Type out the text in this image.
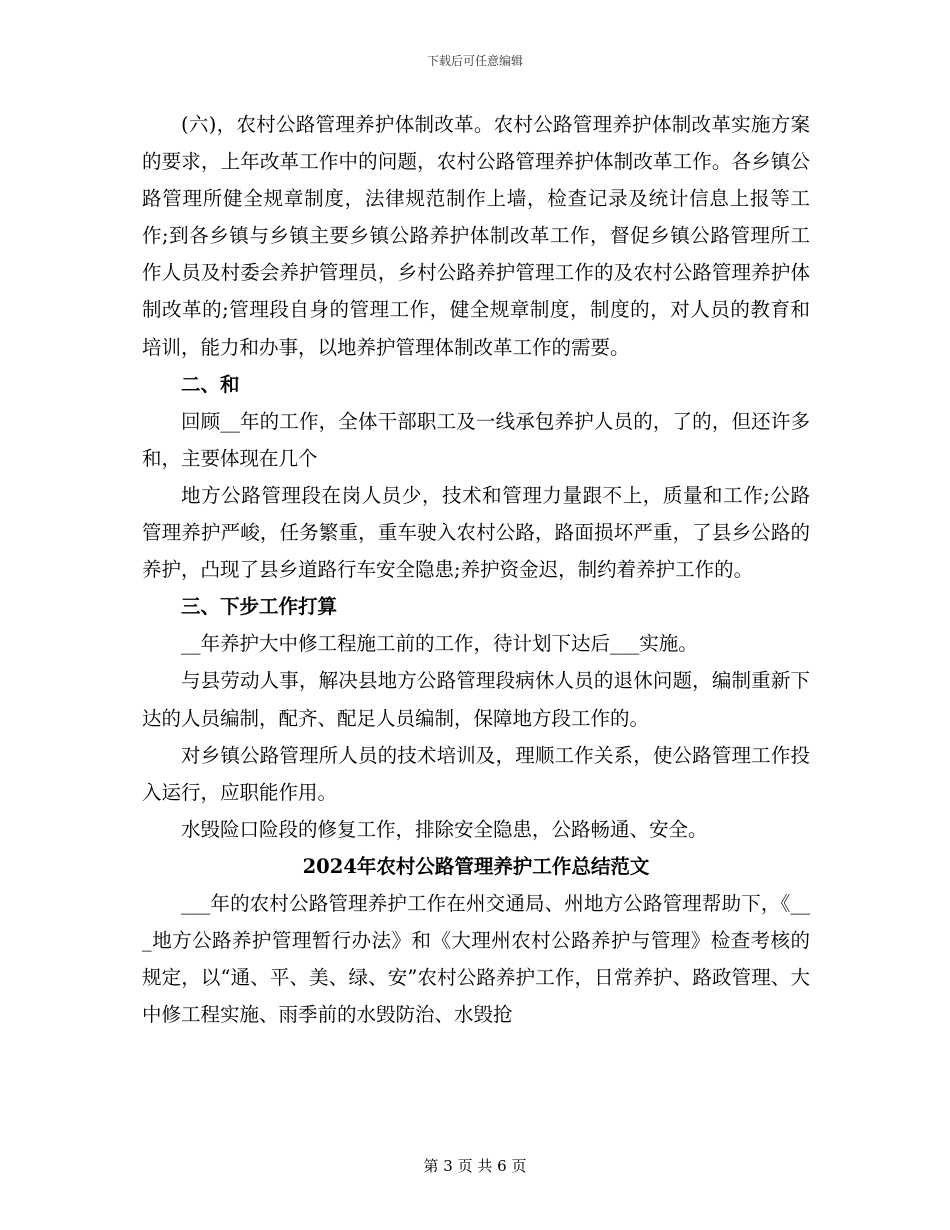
下载后可任意编辑

(六)，农村公路管理养护体制改革。农村公路管理养护体制改革实施方案的要求，上年改革工作中的问题，农村公路管理养护体制改革工作。各乡镇公路管理所健全规章制度，法律规范制作上墙，检查记录及统计信息上报等工作;到各乡镇与乡镇主要乡镇公路养护体制改革工作，督促乡镇公路管理所工作人员及村委会养护管理员，乡村公路养护管理工作的及农村公路管理养护体制改革的;管理段自身的管理工作，健全规章制度，制度的，对人员的教育和培训，能力和办事，以地养护管理体制改革工作的需要。

二、和

回顾__年的工作，全体干部职工及一线承包养护人员的，了的，但还许多和，主要体现在几个

地方公路管理段在岗人员少，技术和管理力量跟不上，质量和工作;公路管理养护严峻，任务繁重，重车驶入农村公路，路面损坏严重，了县乡公路的养护，凸现了县乡道路行车安全隐患;养护资金迟，制约着养护工作的。

三、下步工作打算

__年养护大中修工程施工前的工作，待计划下达后___实施。

与县劳动人事，解决县地方公路管理段病休人员的退休问题，编制重新下达的人员编制，配齐、配足人员编制，保障地方段工作的。

对乡镇公路管理所人员的技术培训及，理顺工作关系，使公路管理工作投入运行，应职能作用。

水毁险口险段的修复工作，排除安全隐患，公路畅通、安全。

2024年农村公路管理养护工作总结范文

___年的农村公路管理养护工作在州交通局、州地方公路管理帮助下，《___地方公路养护管理暂行办法》和《大理州农村公路养护与管理》检查考核的规定，以“通、平、美、绿、安”农村公路养护工作，日常养护、路政管理、大中修工程实施、雨季前的水毁防治、水毁抢

第 3 页 共 6 页
